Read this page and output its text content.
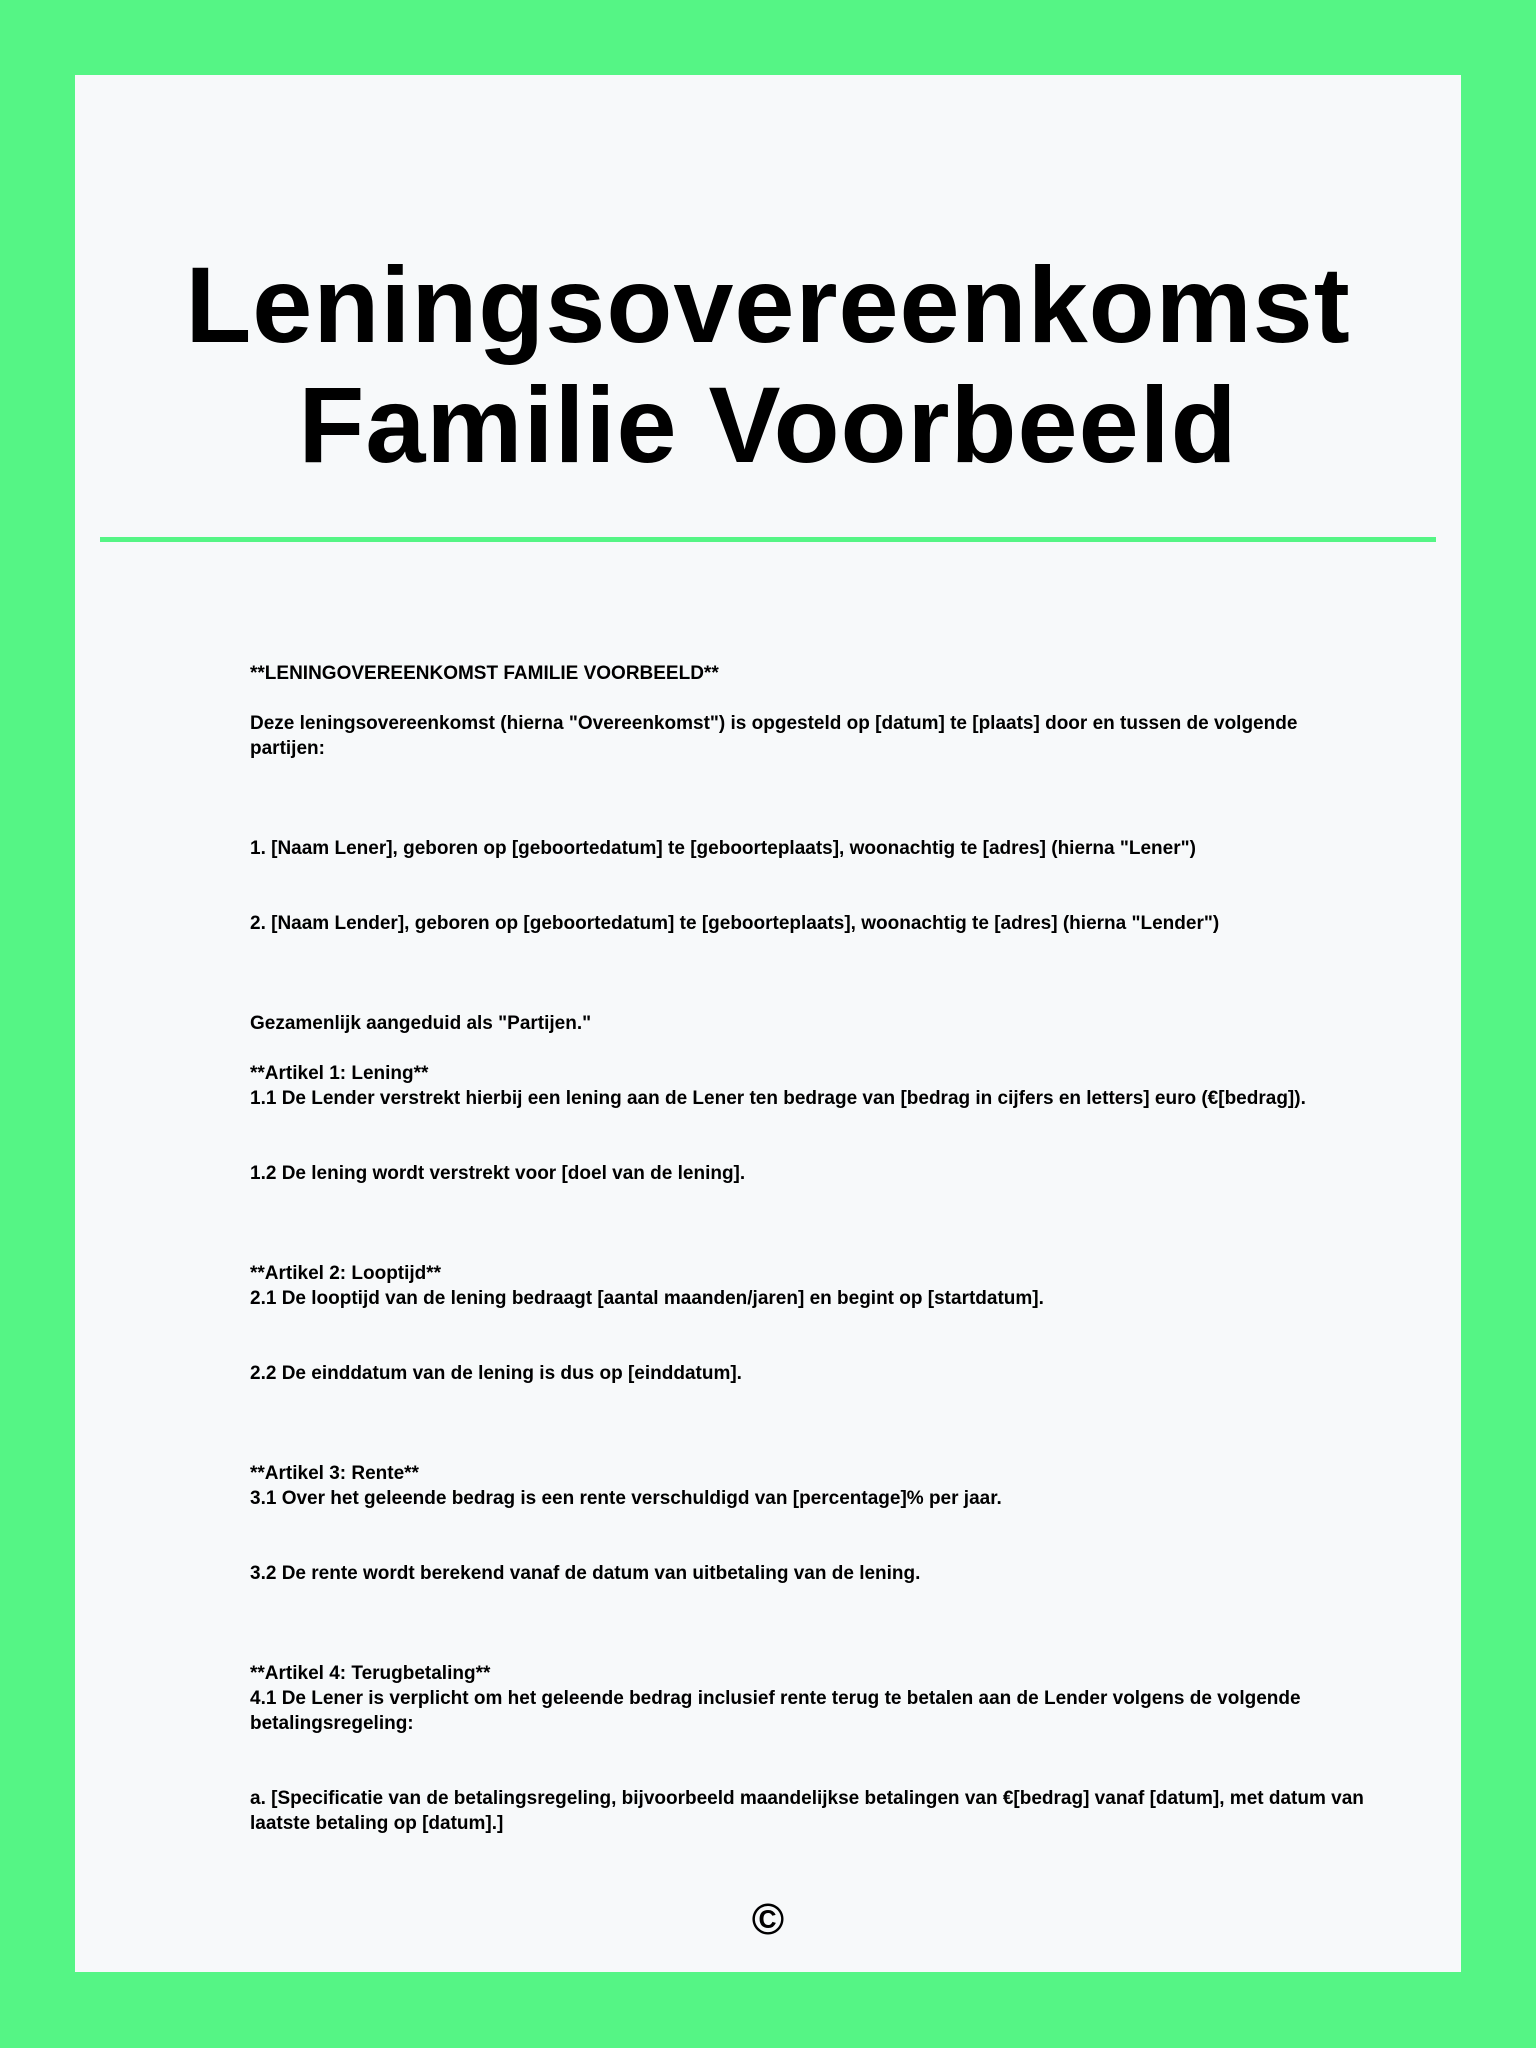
Leningsovereenkomst
Familie Voorbeeld

**LENINGOVEREENKOMST FAMILIE VOORBEELD**

Deze leningsovereenkomst (hierna "Overeenkomst") is opgesteld op [datum] te [plaats] door en tussen de volgende partijen:

1. [Naam Lener], geboren op [geboortedatum] te [geboorteplaats], woonachtig te [adres] (hierna "Lener")

2. [Naam Lender], geboren op [geboortedatum] te [geboorteplaats], woonachtig te [adres] (hierna "Lender")

Gezamenlijk aangeduid als "Partijen."

**Artikel 1: Lening**

1.1 De Lender verstrekt hierbij een lening aan de Lener ten bedrage van [bedrag in cijfers en letters] euro (€[bedrag]).

1.2 De lening wordt verstrekt voor [doel van de lening].

**Artikel 2: Looptijd**

2.1 De looptijd van de lening bedraagt [aantal maanden/jaren] en begint op [startdatum].

2.2 De einddatum van de lening is dus op [einddatum].

**Artikel 3: Rente**

3.1 Over het geleende bedrag is een rente verschuldigd van [percentage]% per jaar.

3.2 De rente wordt berekend vanaf de datum van uitbetaling van de lening.

**Artikel 4: Terugbetaling**

4.1 De Lener is verplicht om het geleende bedrag inclusief rente terug te betalen aan de Lender volgens de volgende betalingsregeling:

a. [Specificatie van de betalingsregeling, bijvoorbeeld maandelijkse betalingen van €[bedrag] vanaf [datum], met datum van laatste betaling op [datum].]

©
